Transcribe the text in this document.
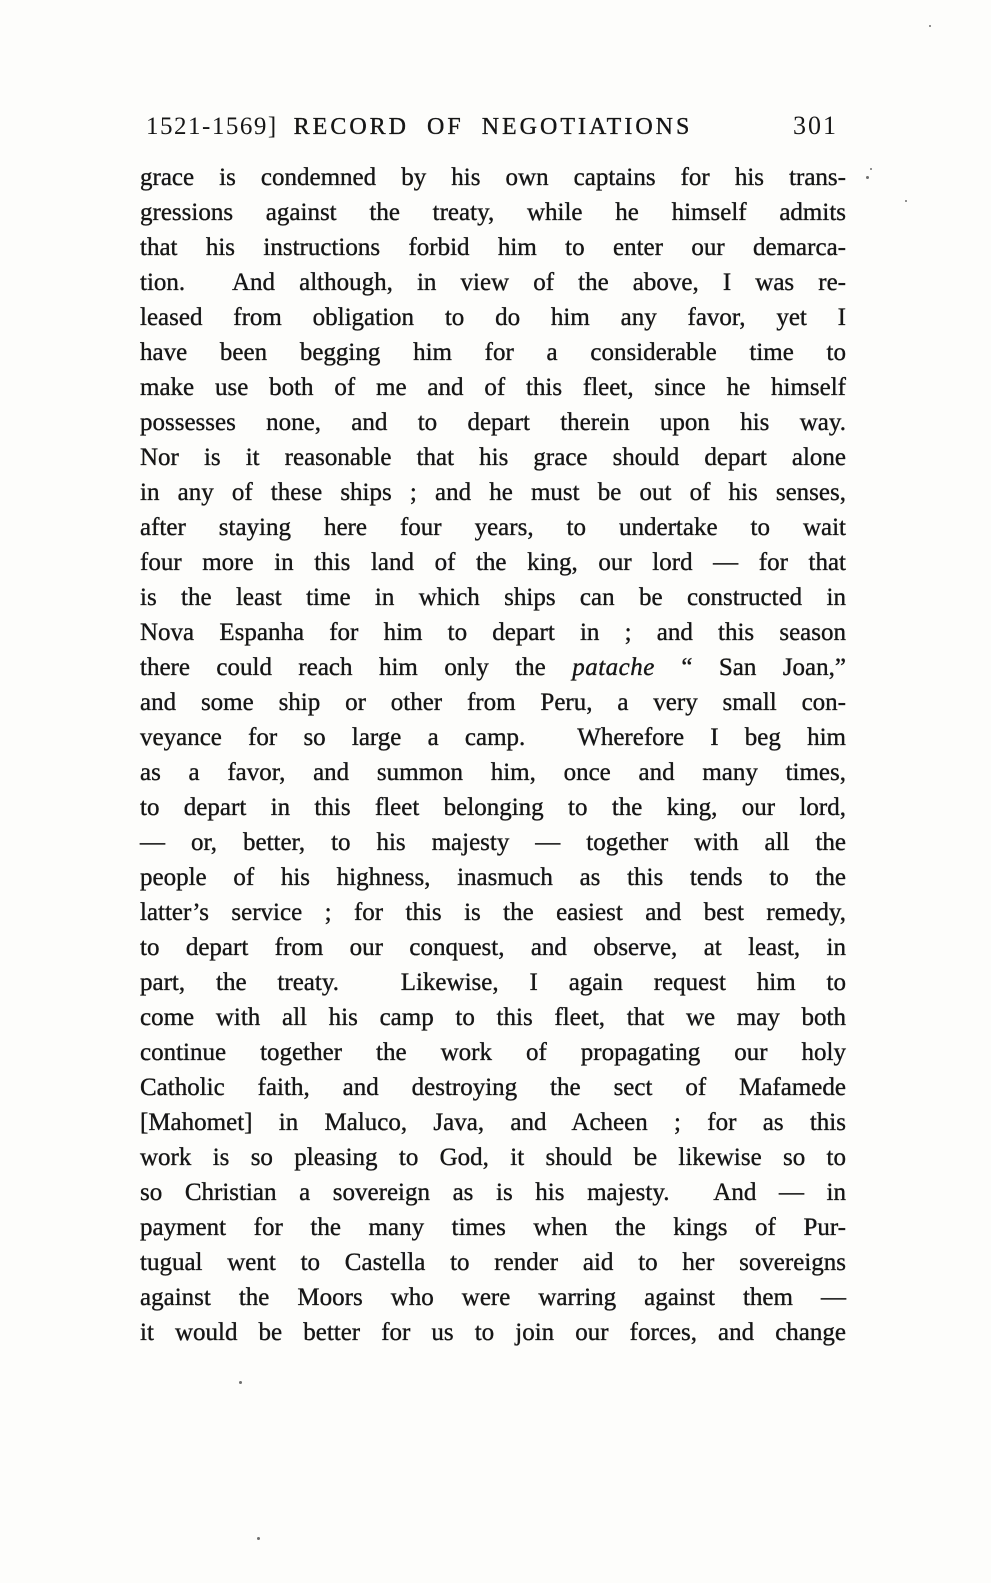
1521-1569] RECORD OF NEGOTIATIONS	301
grace is condemned by his own captains for his trans-
gressions against the treaty, while he himself admits
that his instructions forbid him to enter our demarca-
tion.  And although, in view of the above, I was re-
leased from obligation to do him any favor, yet I
have been begging him for a considerable time to
make use both of me and of this fleet, since he himself
possesses none, and to depart therein upon his way.
Nor is it reasonable that his grace should depart alone
in any of these ships ; and he must be out of his senses,
after staying here four years, to undertake to wait
four more in this land of the king, our lord — for that
is the least time in which ships can be constructed in
Nova Espanha for him to depart in ; and this season
there could reach him only the patache “ San Joan,”
and some ship or other from Peru, a very small con-
veyance for so large a camp.  Wherefore I beg him
as a favor, and summon him, once and many times,
to depart in this fleet belonging to the king, our lord,
— or, better, to his majesty — together with all the
people of his highness, inasmuch as this tends to the
latter’s service ; for this is the easiest and best remedy,
to depart from our conquest, and observe, at least, in
part, the treaty.  Likewise, I again request him to
come with all his camp to this fleet, that we may both
continue together the work of propagating our holy
Catholic faith, and destroying the sect of Mafamede
[Mahomet] in Maluco, Java, and Acheen ; for as this
work is so pleasing to God, it should be likewise so to
so Christian a sovereign as is his majesty.  And — in
payment for the many times when the kings of Pur-
tugual went to Castella to render aid to her sovereigns
against the Moors who were warring against them —
it would be better for us to join our forces, and change
